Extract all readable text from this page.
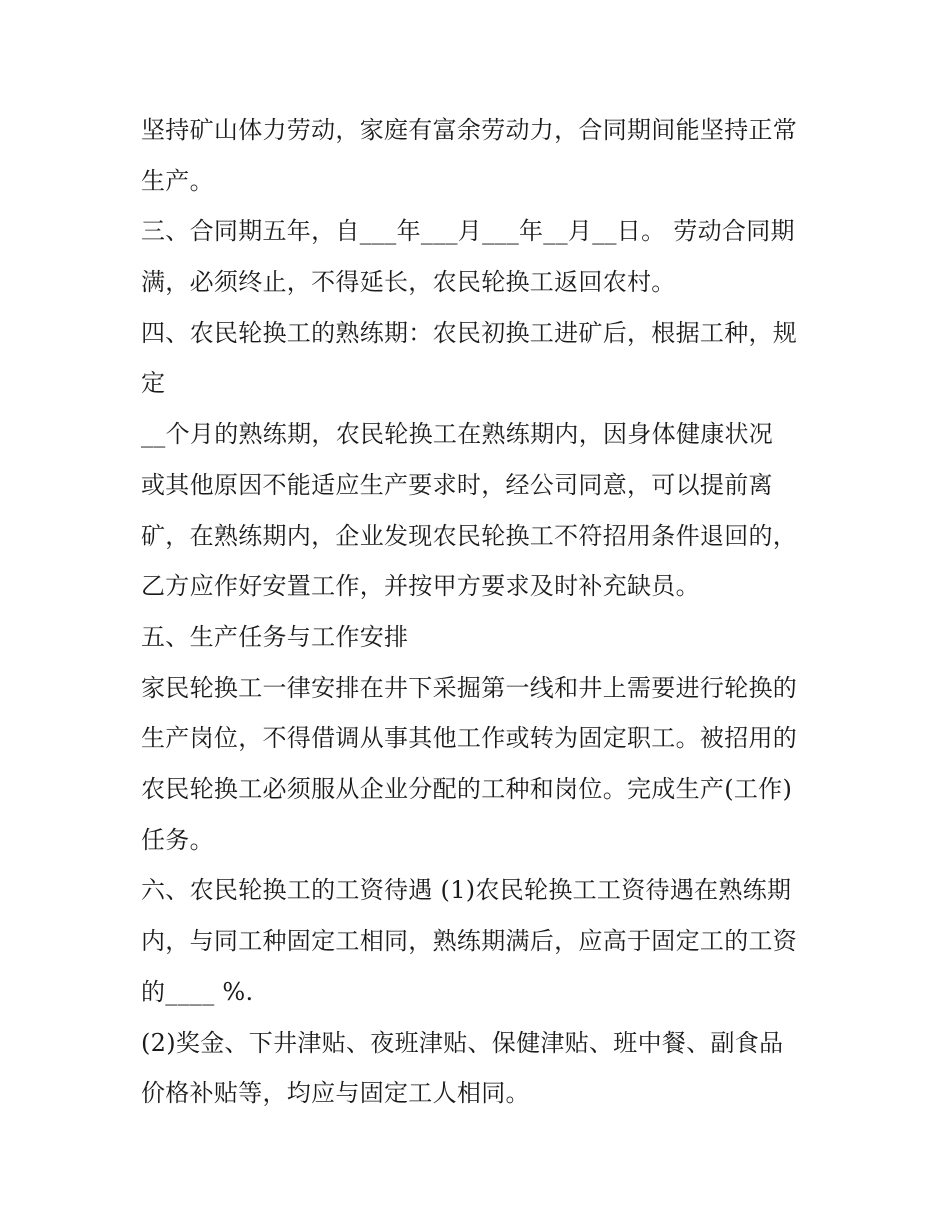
坚持矿山体力劳动，家庭有富余劳动力，合同期间能坚持正常

生产。

三、合同期五年，自___年___月___年__月__日。 劳动合同期

满，必须终止，不得延长，农民轮换工返回农村。

四、农民轮换工的熟练期：农民初换工进矿后，根据工种，规

定

__个月的熟练期，农民轮换工在熟练期内，因身体健康状况

或其他原因不能适应生产要求时，经公司同意，可以提前离

矿，在熟练期内，企业发现农民轮换工不符招用条件退回的，

乙方应作好安置工作，并按甲方要求及时补充缺员。

五、生产任务与工作安排

家民轮换工一律安排在井下采掘第一线和井上需要进行轮换的

生产岗位，不得借调从事其他工作或转为固定职工。被招用的

农民轮换工必须服从企业分配的工种和岗位。完成生产(工作)

任务。

六、农民轮换工的工资待遇 (1)农民轮换工工资待遇在熟练期

内，与同工种固定工相同，熟练期满后，应高于固定工的工资

的____ %.

(2)奖金、下井津贴、夜班津贴、保健津贴、班中餐、副食品

价格补贴等，均应与固定工人相同。
